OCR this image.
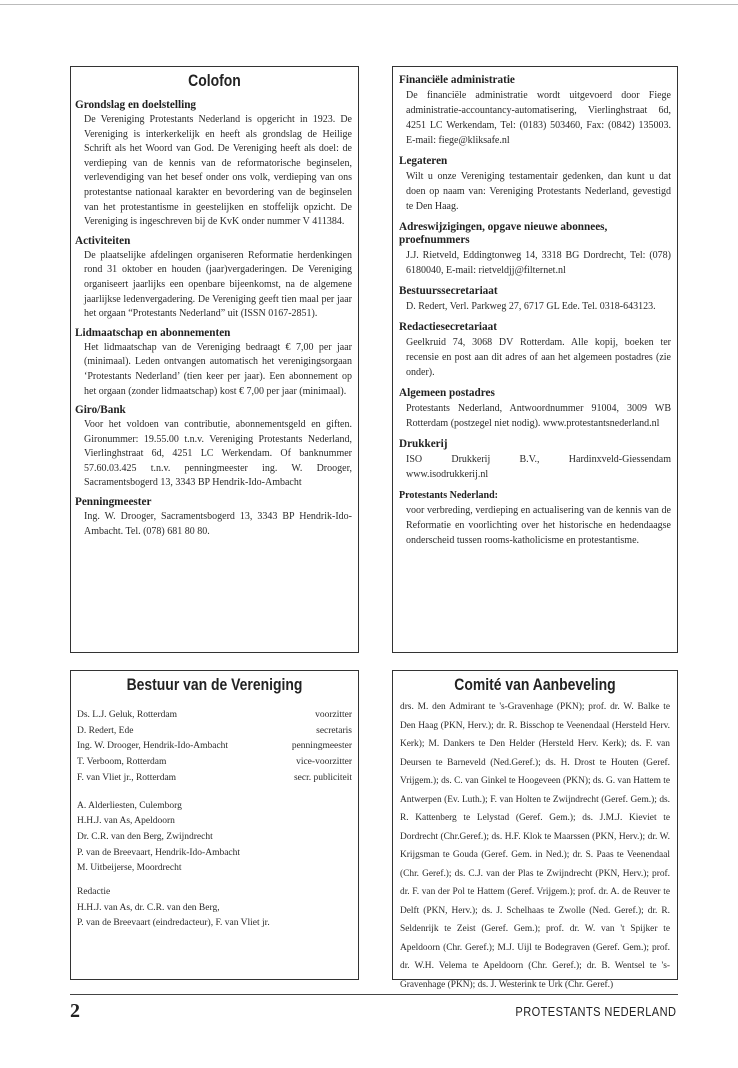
Colofon
Grondslag en doelstelling

De Vereniging Protestants Nederland is opgericht in 1923. De Vereniging is interkerkelijk en heeft als grondslag de Heilige Schrift als het Woord van God. De Vereniging heeft als doel: de verdieping van de kennis van de reformatorische beginselen, verlevendiging van het besef onder ons volk, verdieping van ons protestantse nationaal karakter en bevordering van de beginselen van het protestantisme in geestelijken en stoffelijk opzicht. De Vereniging is ingeschreven bij de KvK onder nummer V 411384.

Activiteiten

De plaatselijke afdelingen organiseren Reformatie herdenkingen rond 31 oktober en houden (jaar)vergaderingen. De Vereniging organiseert jaarlijks een openbare bijeenkomst, na de algemene jaarlijkse ledenvergadering. De Vereniging geeft tien maal per jaar het orgaan “Protestants Nederland” uit (ISSN 0167-2851).

Lidmaatschap en abonnementen

Het lidmaatschap van de Vereniging bedraagt € 7,00 per jaar (minimaal). Leden ontvangen automatisch het verenigingsorgaan ‘Protestants Nederland’ (tien keer per jaar). Een abonnement op het orgaan (zonder lidmaatschap) kost € 7,00 per jaar (minimaal).

Giro/Bank

Voor het voldoen van contributie, abonnementsgeld en giften. Gironummer: 19.55.00 t.n.v. Vereniging Protestants Nederland, Vierlinghstraat 6d, 4251 LC Werkendam. Of banknummer 57.60.03.425 t.n.v. penningmeester ing. W. Drooger, Sacramentsbogerd 13, 3343 BP Hendrik-Ido-Ambacht

Penningmeester

Ing. W. Drooger, Sacramentsbogerd 13, 3343 BP Hendrik-Ido-Ambacht. Tel. (078) 681 80 80.

Financiële administratie

De financiële administratie wordt uitgevoerd door Fiege administratie-accountancy-automatisering, Vierlinghstraat 6d, 4251 LC Werkendam, Tel: (0183) 503460, Fax: (0842) 135003. E-mail: fiege@kliksafe.nl

Legateren

Wilt u onze Vereniging testamentair gedenken, dan kunt u dat doen op naam van: Vereniging Protestants Nederland, gevestigd te Den Haag.

Adreswijzigingen, opgave nieuwe abonnees, proefnummers

J.J. Rietveld, Eddingtonweg 14, 3318 BG Dordrecht, Tel: (078) 6180040, E-mail: rietveldjj@filternet.nl

Bestuurssecretariaat

D. Redert, Verl. Parkweg 27, 6717 GL Ede. Tel. 0318-643123.

Redactiesecretariaat

Geelkruid 74, 3068 DV Rotterdam. Alle kopij, boeken ter recensie en post aan dit adres of aan het algemeen postadres (zie onder).

Algemeen postadres

Protestants Nederland, Antwoordnummer 91004, 3009 WB Rotterdam (postzegel niet nodig). www.protestantsnederland.nl

Drukkerij

ISO Drukkerij B.V., Hardinxveld-Giessendam www.isodrukkerij.nl

Protestants Nederland:

voor verbreding, verdieping en actualisering van de kennis van de Reformatie en voorlichting over het historische en hedendaagse onderscheid tussen rooms-katholicisme en protestantisme.

Bestuur van de Vereniging
Ds. L.J. Geluk, Rotterdam	voorzitter
D. Redert, Ede	secretaris
Ing. W. Drooger, Hendrik-Ido-Ambacht	penningmeester
T. Verboom, Rotterdam	vice-voorzitter
F. van Vliet jr., Rotterdam	secr. publiciteit
A. Alderliesten, Culemborg
H.H.J. van As, Apeldoorn
Dr. C.R. van den Berg, Zwijndrecht
P. van de Breevaart, Hendrik-Ido-Ambacht
M. Uitbeijerse, Moordrecht
Redactie
H.H.J. van As, dr. C.R. van den Berg,
P. van de Breevaart (eindredacteur), F. van Vliet jr.
Comité van Aanbeveling
drs. M. den Admirant te 's-Gravenhage (PKN); prof. dr. W. Balke te Den Haag (PKN, Herv.); dr. R. Bisschop te Veenendaal (Hersteld Herv. Kerk); M. Dankers te Den Helder (Hersteld Herv. Kerk); ds. F. van Deursen te Barneveld (Ned.Geref.); ds. H. Drost te Houten (Geref. Vrijgem.); ds. C. van Ginkel te Hoogeveen (PKN); ds. G. van Hattem te Antwerpen (Ev. Luth.); F. van Holten te Zwijndrecht (Geref. Gem.); ds. R. Kattenberg te Lelystad (Geref. Gem.); ds. J.M.J. Kieviet te Dordrecht (Chr.Geref.); ds. H.F. Klok te Maarssen (PKN, Herv.); dr. W. Krijgsman te Gouda (Geref. Gem. in Ned.); dr. S. Paas te Veenendaal (Chr. Geref.); ds. C.J. van der Plas te Zwijndrecht (PKN, Herv.); prof. dr. F. van der Pol te Hattem (Geref. Vrijgem.); prof. dr. A. de Reuver te Delft (PKN, Herv.); ds. J. Schelhaas te Zwolle (Ned. Geref.); dr. R. Seldenrijk te Zeist (Geref. Gem.); prof. dr. W. van 't Spijker te Apeldoorn (Chr. Geref.); M.J. Uijl te Bodegraven (Geref. Gem.); prof. dr. W.H. Velema te Apeldoorn (Chr. Geref.); dr. B. Wentsel te 's-Gravenhage (PKN); ds. J. Westerink te Urk (Chr. Geref.)
2	PROTESTANTS NEDERLAND
